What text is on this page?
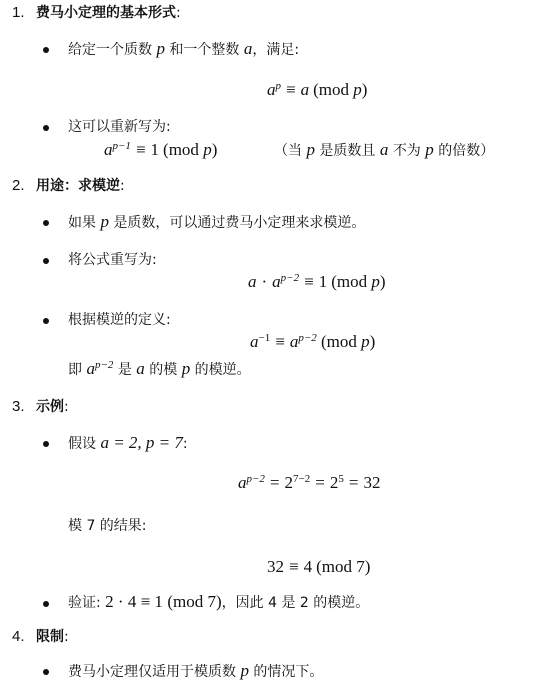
1. 费马小定理的基本形式:
给定一个质数 p 和一个整数 a，满足:
$a^p \equiv a$ (mod p)
这可以重新写为:
$a^{p-1} \equiv 1$ (mod p)	（当 p 是质数且 a 不为 p 的倍数）
2. 用途：求模逆:
如果 p 是质数，可以通过费马小定理来求模逆。
将公式重写为:
$a \cdot a^{p-2} \equiv 1$ (mod p)
根据模逆的定义:
$a^{-1} \equiv a^{p-2}$ (mod p)
即 $a^{p-2}$ 是 a 的模 p 的模逆。
3. 示例:
假设 a = 2, p = 7:
$a^{p-2} = 2^{7-2} = 2^5 = 32$
模 7 的结果:
32 ≡ 4 (mod 7)
验证: 2 · 4 ≡ 1 (mod 7)，因此 4 是 2 的模逆。
4. 限制:
费马小定理仅适用于模质数 p 的情况下。
